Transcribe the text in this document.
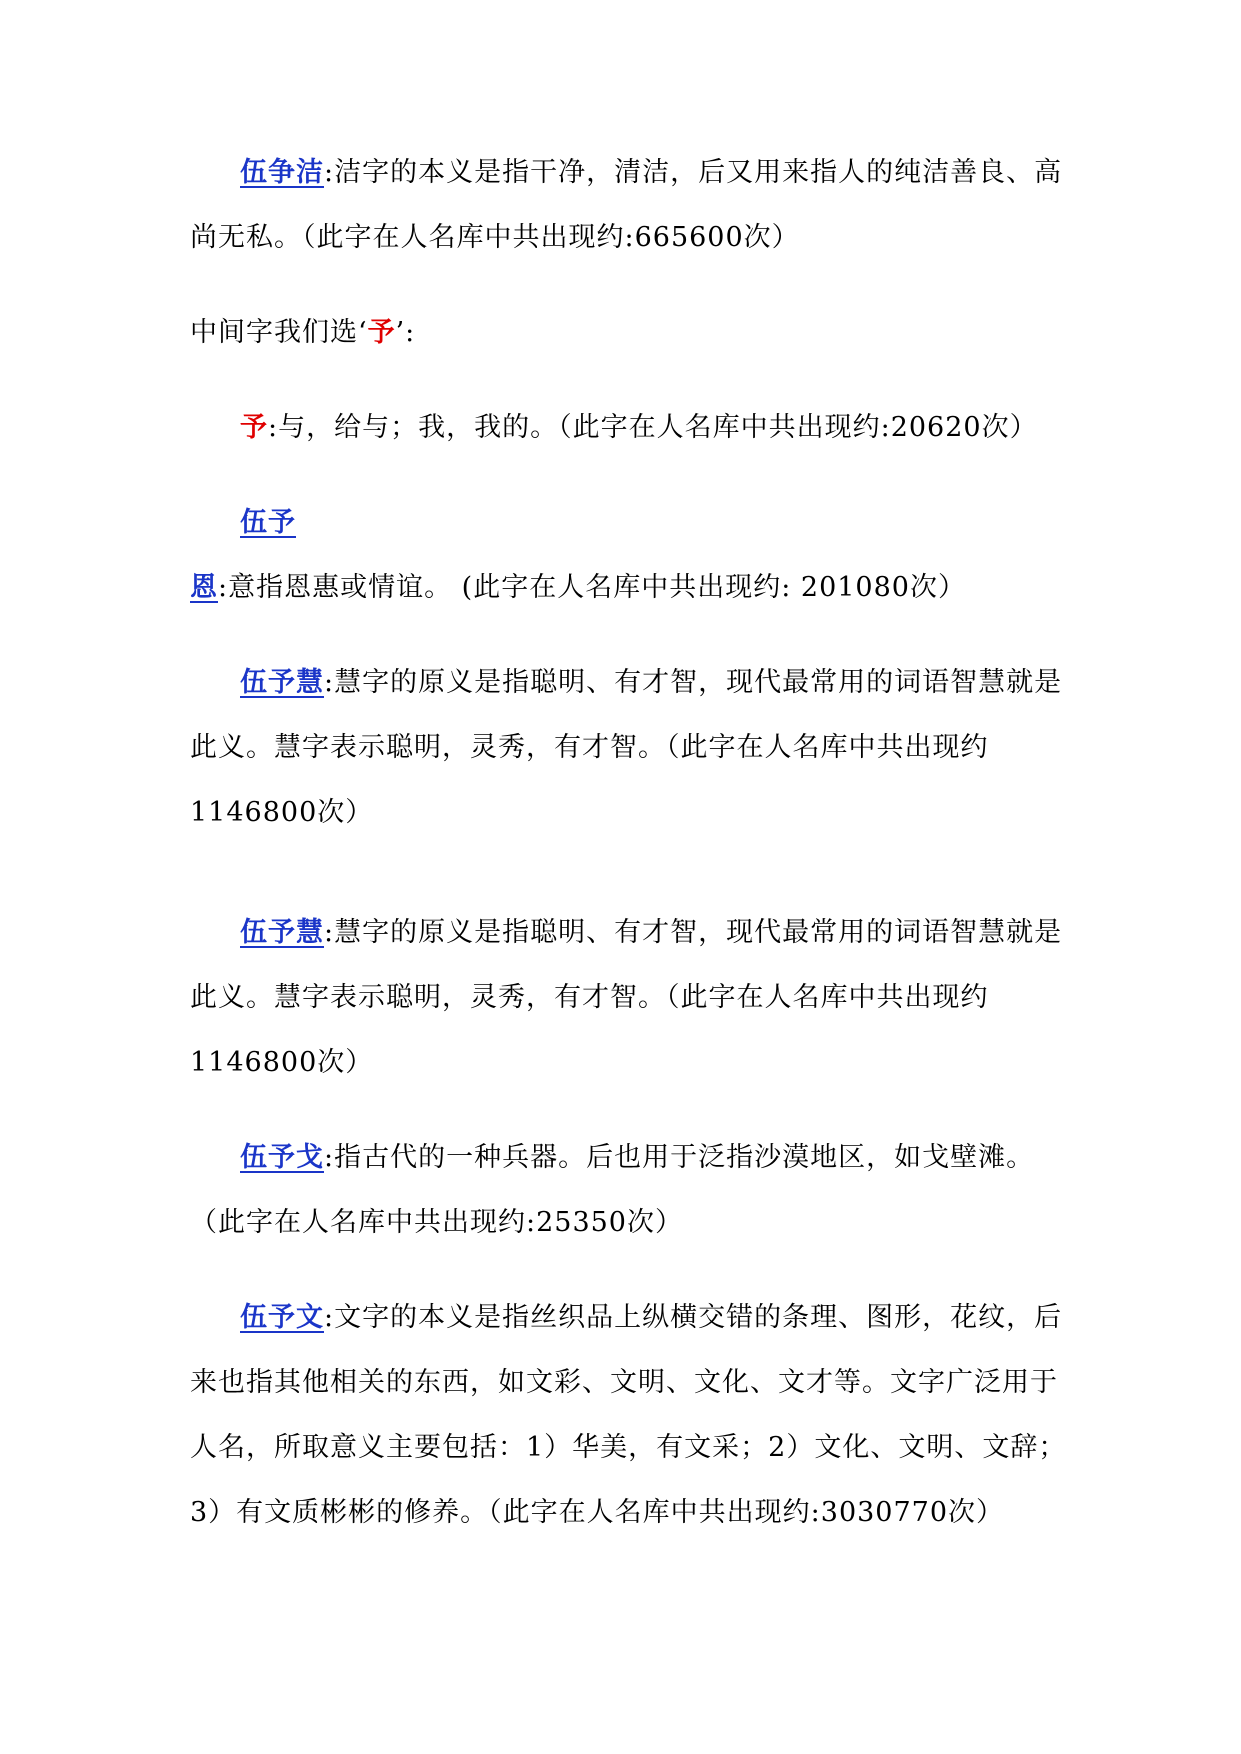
伍争洁:洁字的本义是指干净，清洁，后又用来指人的纯洁善良、高尚无私。（此字在人名库中共出现约:665600次）

中间字我们选‘予’:

予:与，给与；我，我的。（此字在人名库中共出现约:20620次）

伍予恩:意指恩惠或情谊。 (此字在人名库中共出现约: 201080次）

伍予慧:慧字的原义是指聪明、有才智，现代最常用的词语智慧就是此义。慧字表示聪明，灵秀，有才智。（此字在人名库中共出现约1146800次）

伍予慧:慧字的原义是指聪明、有才智，现代最常用的词语智慧就是此义。慧字表示聪明，灵秀，有才智。（此字在人名库中共出现约1146800次）

伍予戈:指古代的一种兵器。后也用于泛指沙漠地区，如戈壁滩。（此字在人名库中共出现约:25350次）

伍予文:文字的本义是指丝织品上纵横交错的条理、图形，花纹，后来也指其他相关的东西，如文彩、文明、文化、文才等。文字广泛用于人名，所取意义主要包括：1）华美，有文采；2）文化、文明、文辞；3）有文质彬彬的修养。（此字在人名库中共出现约:3030770次）
